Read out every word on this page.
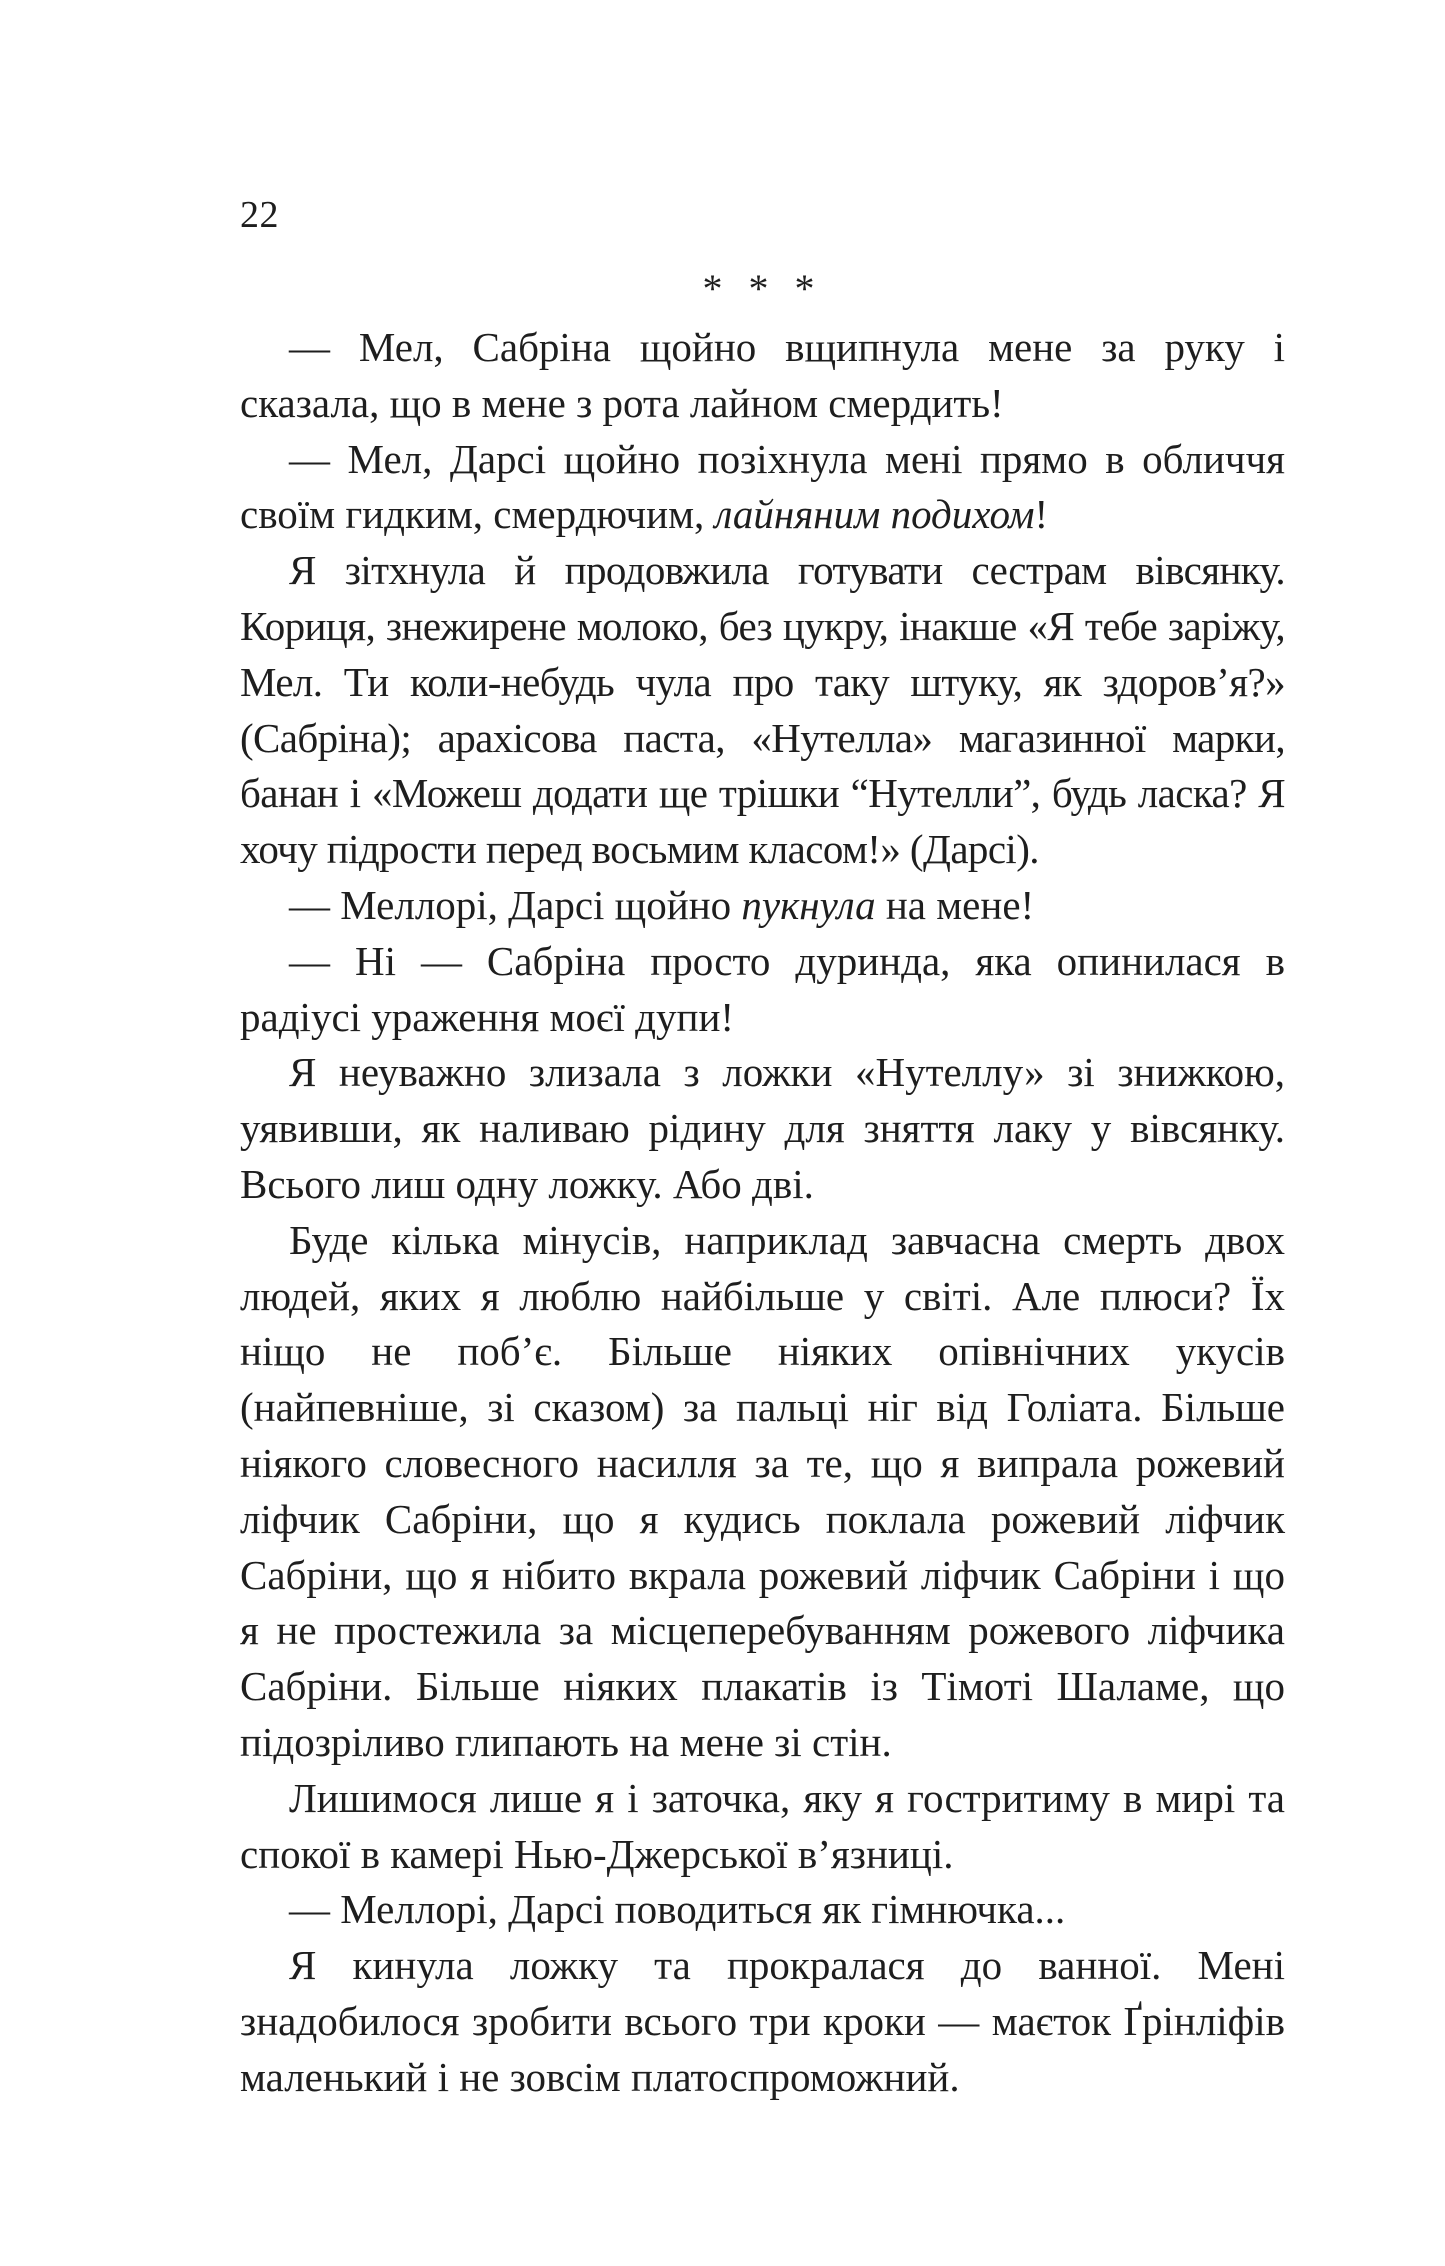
22
* * *

— Мел, Сабріна щойно вщипнула мене за руку і сказала, що в мене з рота лайном смердить!

— Мел, Дарсі щойно позіхнула мені прямо в обличчя своїм гидким, смердючим, лайняним подихом!

Я зітхнула й продовжила готувати сестрам вівсянку. Кориця, знежирене молоко, без цукру, інакше «Я тебе заріжу, Мел. Ти коли-небудь чула про таку штуку, як здоров’я?» (Сабріна); арахісова паста, «Нутелла» магазинної марки, банан і «Можеш додати ще трішки “Нутелли”, будь ласка? Я хочу підрости перед восьмим класом!» (Дарсі).

— Меллорі, Дарсі щойно пукнула на мене!

— Ні — Сабріна просто дуринда, яка опинилася в радіусі ураження моєї дупи!

Я неуважно злизала з ложки «Нутеллу» зі знижкою, уявивши, як наливаю рідину для зняття лаку у вівсянку. Всього лиш одну ложку. Або дві.

Буде кілька мінусів, наприклад завчасна смерть двох людей, яких я люблю найбільше у світі. Але плюси? Їх ніщо не поб’є. Більше ніяких опівнічних укусів (найпевніше, зі сказом) за пальці ніг від Голіата. Більше ніякого словесного насилля за те, що я випрала рожевий ліфчик Сабріни, що я кудись поклала рожевий ліфчик Сабріни, що я нібито вкрала рожевий ліфчик Сабріни і що я не простежила за місцеперебуванням рожевого ліфчика Сабріни. Більше ніяких плакатів із Тімоті Шаламе, що підозріливо глипають на мене зі стін.

Лишимося лише я і заточка, яку я гостритиму в мирі та спокої в камері Нью-Джерської в’язниці.

— Меллорі, Дарсі поводиться як гімнючка...

Я кинула ложку та прокралася до ванної. Мені знадобилося зробити всього три кроки — маєток Ґрінліфів маленький і не зовсім платоспроможний.
